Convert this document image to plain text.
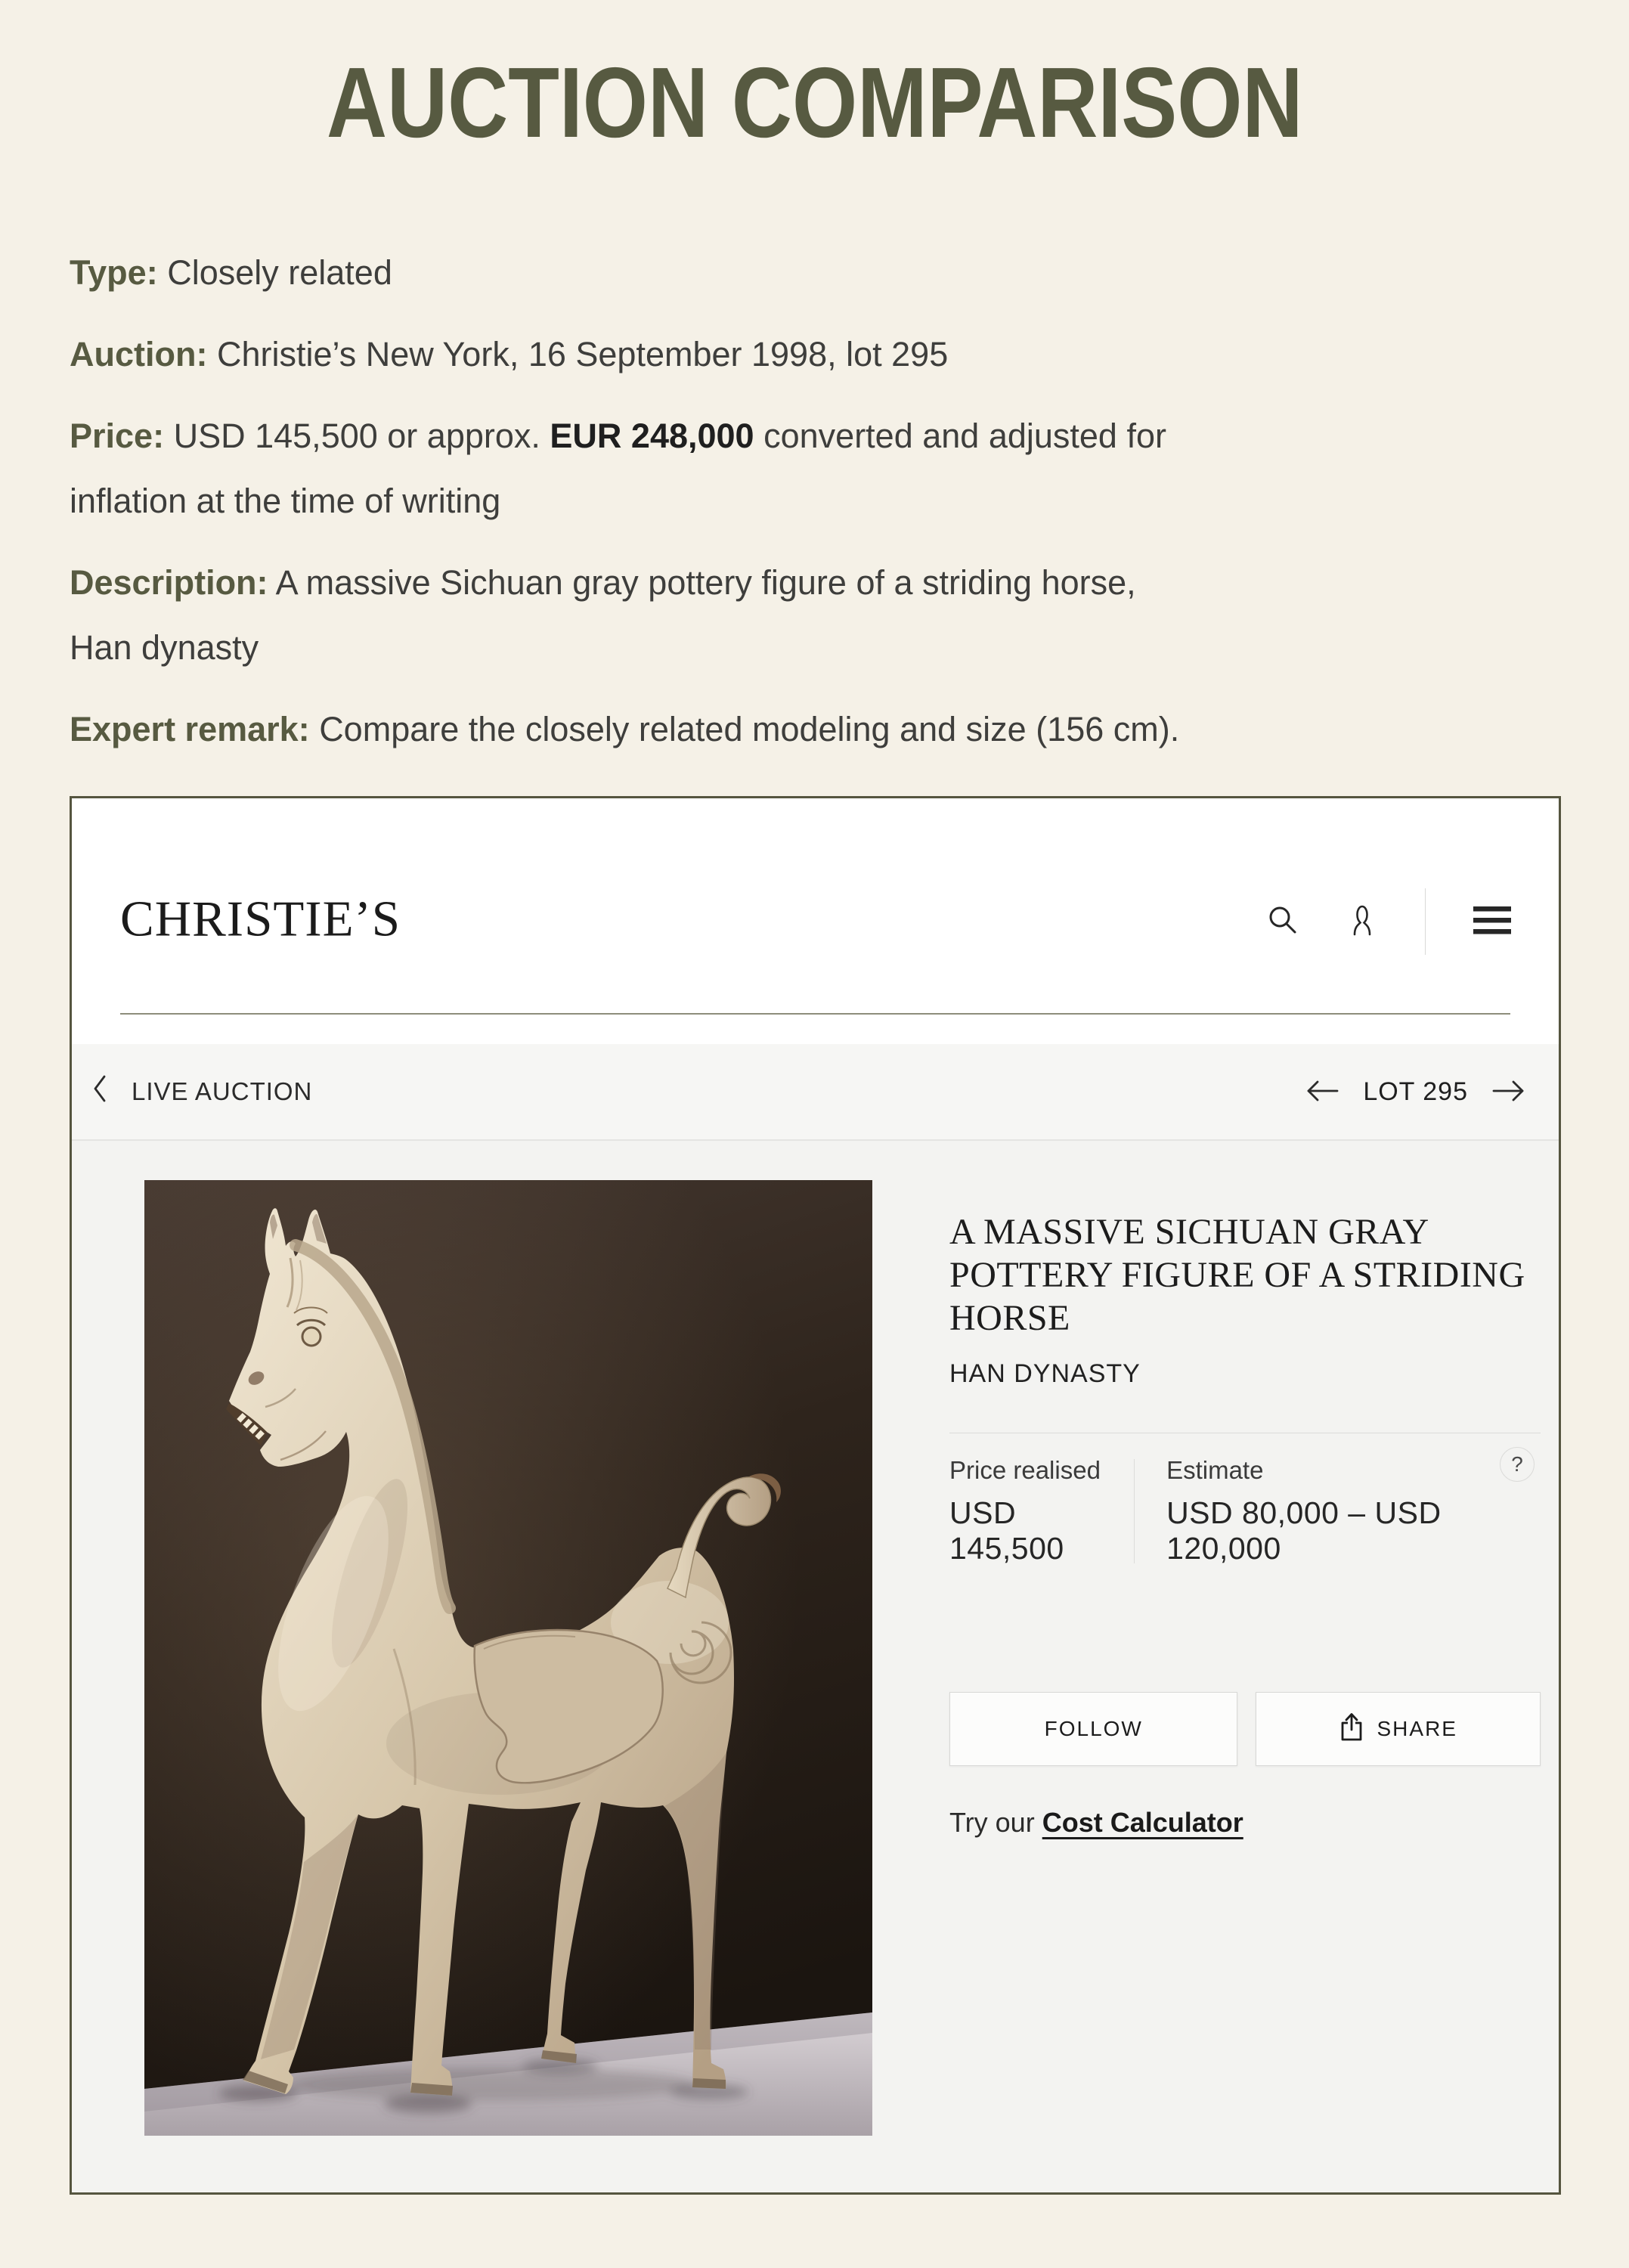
AUCTION COMPARISON

Type: Closely related

Auction: Christie’s New York, 16 September 1998, lot 295

Price: USD 145,500 or approx. EUR 248,000 converted and adjusted for
inflation at the time of writing

Description: A massive Sichuan gray pottery figure of a striding horse,
Han dynasty

Expert remark: Compare the closely related modeling and size (156 cm).

CHRISTIE’S
LIVE AUCTION	LOT 295
A MASSIVE SICHUAN GRAY POTTERY FIGURE OF A STRIDING HORSE

HAN DYNASTY

Price realised

USD 145,500

Estimate

USD 80,000 – USD 120,000

?
FOLLOW	SHARE

Try our Cost Calculator
